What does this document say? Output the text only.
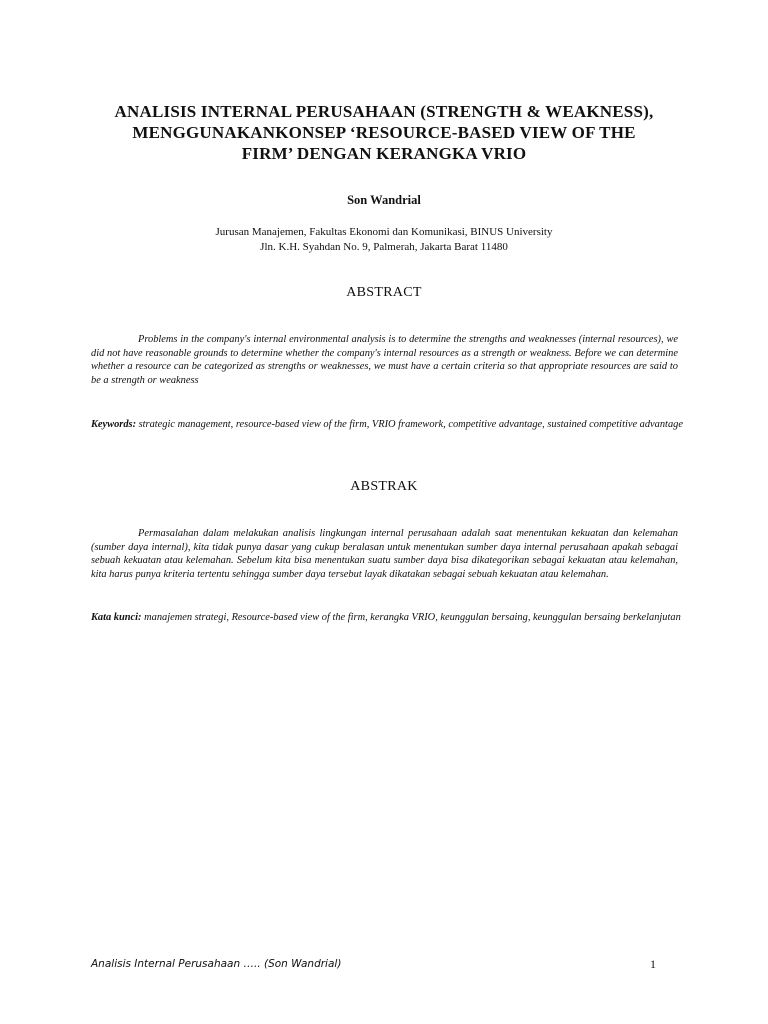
ANALISIS INTERNAL PERUSAHAAN (STRENGTH & WEAKNESS),
MENGGUNAKANKONSEP ‘RESOURCE-BASED VIEW OF THE
FIRM’ DENGAN KERANGKA VRIO
Son Wandrial
Jurusan Manajemen, Fakultas Ekonomi dan Komunikasi, BINUS University
Jln. K.H. Syahdan No. 9, Palmerah, Jakarta Barat 11480
ABSTRACT
Problems in the company's internal environmental analysis is to determine the strengths and weaknesses (internal resources), we did not have reasonable grounds to determine whether the company's internal resources as a strength or weakness. Before we can determine whether a resource can be categorized as strengths or weaknesses, we must have a certain criteria so that appropriate resources are said to be a strength or weakness
Keywords: strategic management, resource-based view of the firm, VRIO framework, competitive advantage, sustained competitive advantage
ABSTRAK
Permasalahan dalam melakukan analisis lingkungan internal perusahaan adalah saat menentukan kekuatan dan kelemahan (sumber daya internal), kita tidak punya dasar yang cukup beralasan untuk menentukan sumber daya internal perusahaan apakah sebagai sebuah kekuatan atau kelemahan. Sebelum kita bisa menentukan suatu sumber daya bisa dikategorikan sebagai kekuatan atau kelemahan, kita harus punya kriteria tertentu sehingga sumber daya tersebut layak dikatakan sebagai sebuah kekuatan atau kelemahan.
Kata kunci: manajemen strategi, Resource-based view of the firm, kerangka VRIO, keunggulan bersaing, keunggulan bersaing berkelanjutan
Analisis Internal Perusahaan ….. (Son Wandrial)	1
